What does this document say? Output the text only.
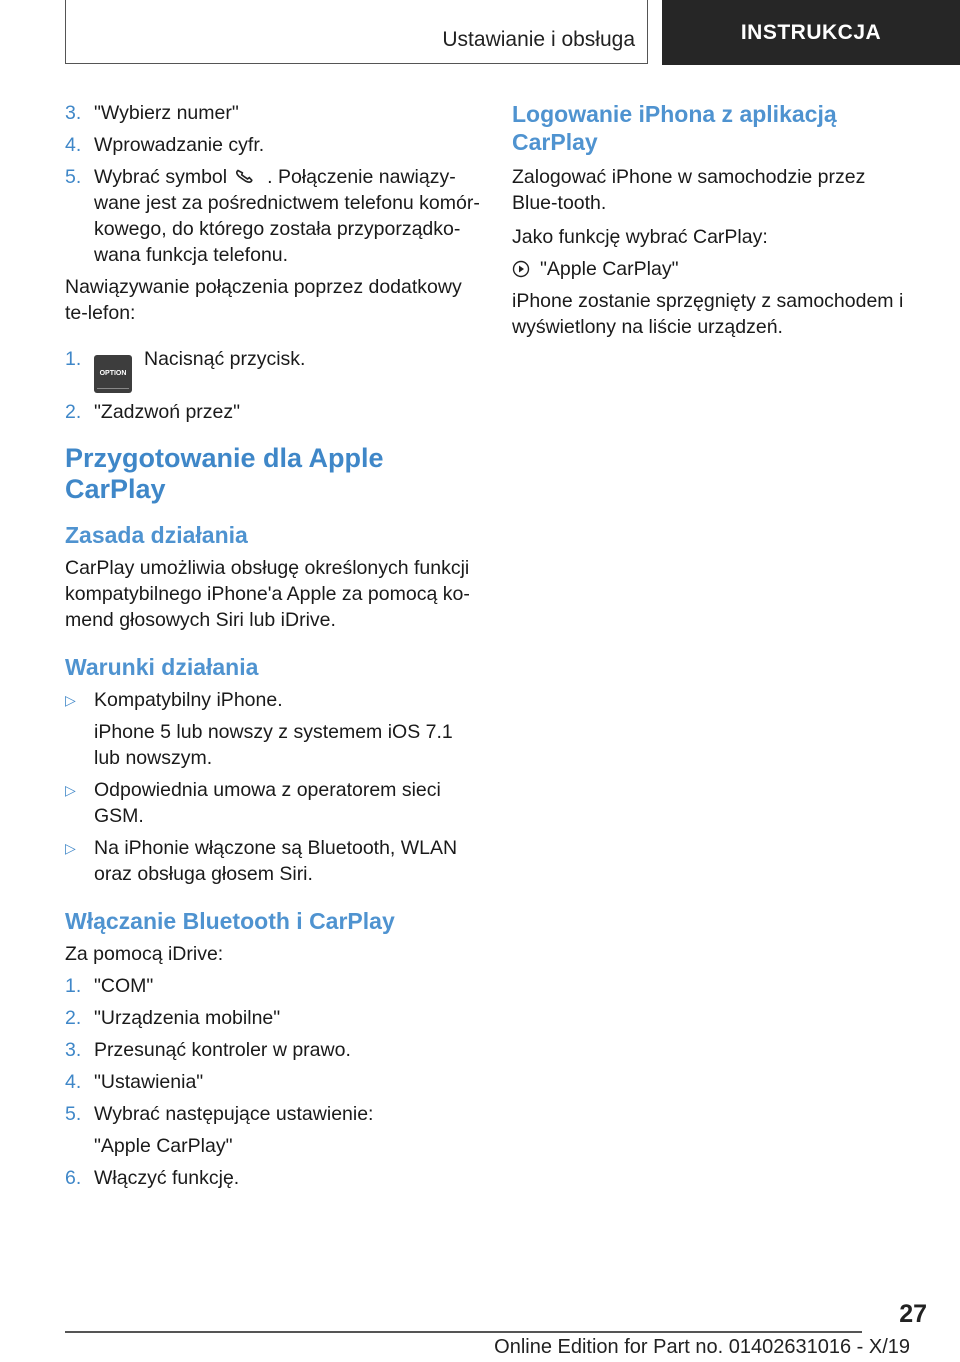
Ustawianie i obsługa	INSTRUKCJA
3. "Wybierz numer"
4. Wprowadzanie cyfr.
5. Wybrać symbol . Połączenie nawiązy-wane jest za pośrednictwem telefonu komór-kowego, do którego została przyporządko-wana funkcja telefonu.

Nawiązywanie połączenia poprzez dodatkowy te-lefon:

1.
OPTIONNacisnąć przycisk.
2. "Zadzwoń przez"
Przygotowanie dla Apple CarPlay
Zasada działania

CarPlay umożliwia obsługę określonych funkcji kompatybilnego iPhone'a Apple za pomocą ko-mend głosowych Siri lub iDrive.

Warunki działania
▷ Kompatybilny iPhone.

iPhone 5 lub nowszy z systemem iOS 7.1 lub nowszym.

▷ Odpowiednia umowa z operatorem sieci GSM.
▷ Na iPhonie włączone są Bluetooth, WLAN oraz obsługa głosem Siri.
Włączanie Bluetooth i CarPlay

Za pomocą iDrive:

1. "COM"
2. "Urządzenia mobilne"
3. Przesunąć kontroler w prawo.
4. "Ustawienia"
5. Wybrać następujące ustawienie:

"Apple CarPlay"

6. Włączyć funkcję.
Logowanie iPhona z aplikacją CarPlay

Zalogować iPhone w samochodzie przez Blue-tooth.

Jako funkcję wybrać CarPlay:

"Apple CarPlay"

iPhone zostanie sprzęgnięty z samochodem i wyświetlony na liście urządzeń.

27
Online Edition for Part no. 01402631016 - X/19
